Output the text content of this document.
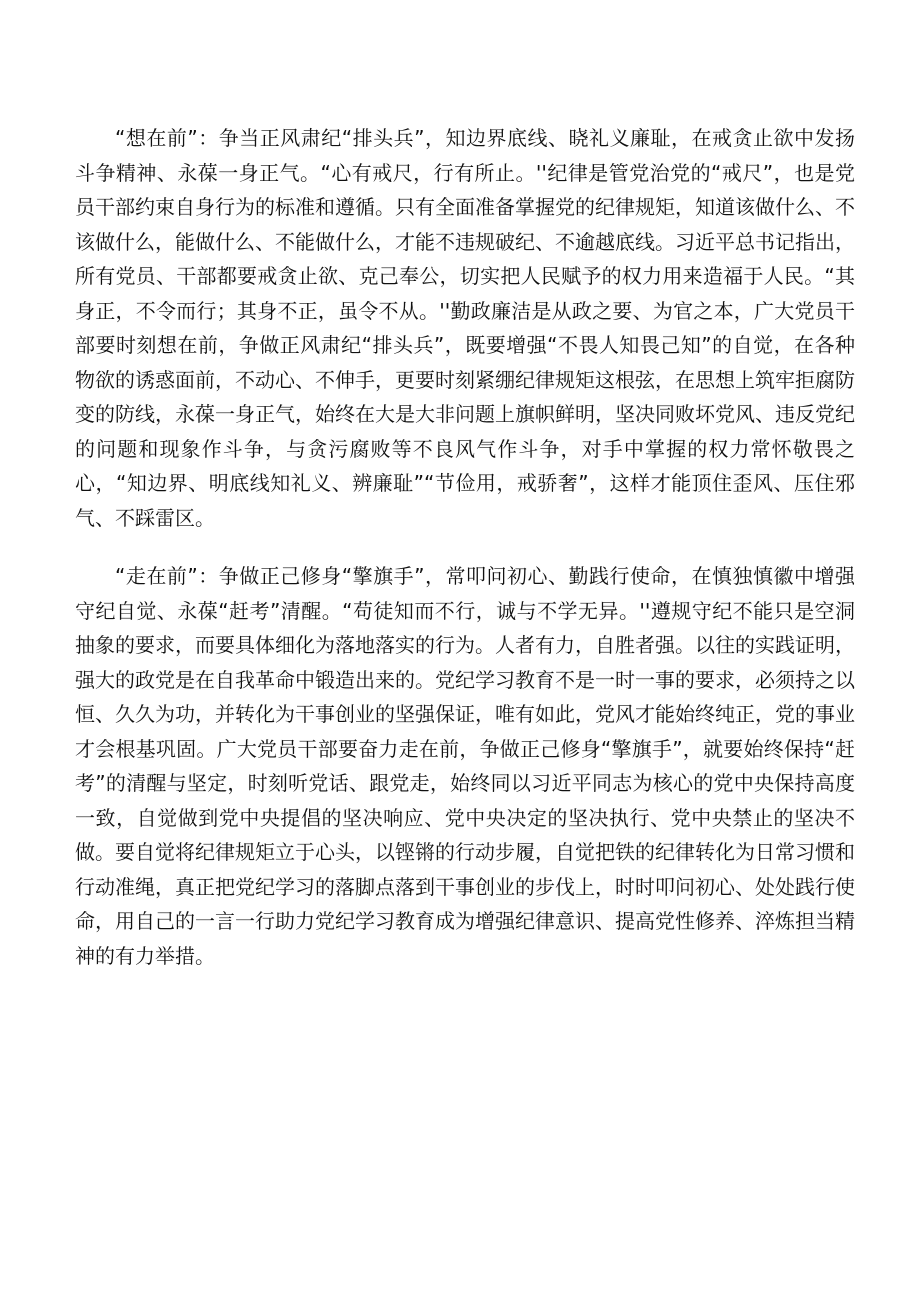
“想在前”：争当正风肃纪“排头兵”，知边界底线、晓礼义廉耻，在戒贪止欲中发扬斗争精神、永葆一身正气。“心有戒尺，行有所止。''纪律是管党治党的“戒尺”，也是党员干部约束自身行为的标准和遵循。只有全面准备掌握党的纪律规矩，知道该做什么、不该做什么，能做什么、不能做什么，才能不违规破纪、不逾越底线。习近平总书记指出，所有党员、干部都要戒贪止欲、克己奉公，切实把人民赋予的权力用来造福于人民。“其身正，不令而行；其身不正，虽令不从。''勤政廉洁是从政之要、为官之本，广大党员干部要时刻想在前，争做正风肃纪“排头兵”，既要增强“不畏人知畏己知”的自觉，在各种物欲的诱惑面前，不动心、不伸手，更要时刻紧绷纪律规矩这根弦，在思想上筑牢拒腐防变的防线，永葆一身正气，始终在大是大非问题上旗帜鲜明，坚决同败坏党风、违反党纪的问题和现象作斗争，与贪污腐败等不良风气作斗争，对手中掌握的权力常怀敬畏之心，“知边界、明底线知礼义、辨廉耻”“节俭用，戒骄奢”，这样才能顶住歪风、压住邪气、不踩雷区。

“走在前”：争做正己修身“擎旗手”，常叩问初心、勤践行使命，在慎独慎徽中增强守纪自觉、永葆“赶考”清醒。“苟徒知而不行，诚与不学无异。''遵规守纪不能只是空洞抽象的要求，而要具体细化为落地落实的行为。人者有力，自胜者强。以往的实践证明，强大的政党是在自我革命中锻造出来的。党纪学习教育不是一时一事的要求，必须持之以恒、久久为功，并转化为干事创业的坚强保证，唯有如此，党风才能始终纯正，党的事业才会根基巩固。广大党员干部要奋力走在前，争做正己修身“擎旗手”，就要始终保持“赶考”的清醒与坚定，时刻听党话、跟党走，始终同以习近平同志为核心的党中央保持高度一致，自觉做到党中央提倡的坚决响应、党中央决定的坚决执行、党中央禁止的坚决不做。要自觉将纪律规矩立于心头，以铿锵的行动步履，自觉把铁的纪律转化为日常习惯和行动准绳，真正把党纪学习的落脚点落到干事创业的步伐上，时时叩问初心、处处践行使命，用自己的一言一行助力党纪学习教育成为增强纪律意识、提高党性修养、淬炼担当精神的有力举措。
